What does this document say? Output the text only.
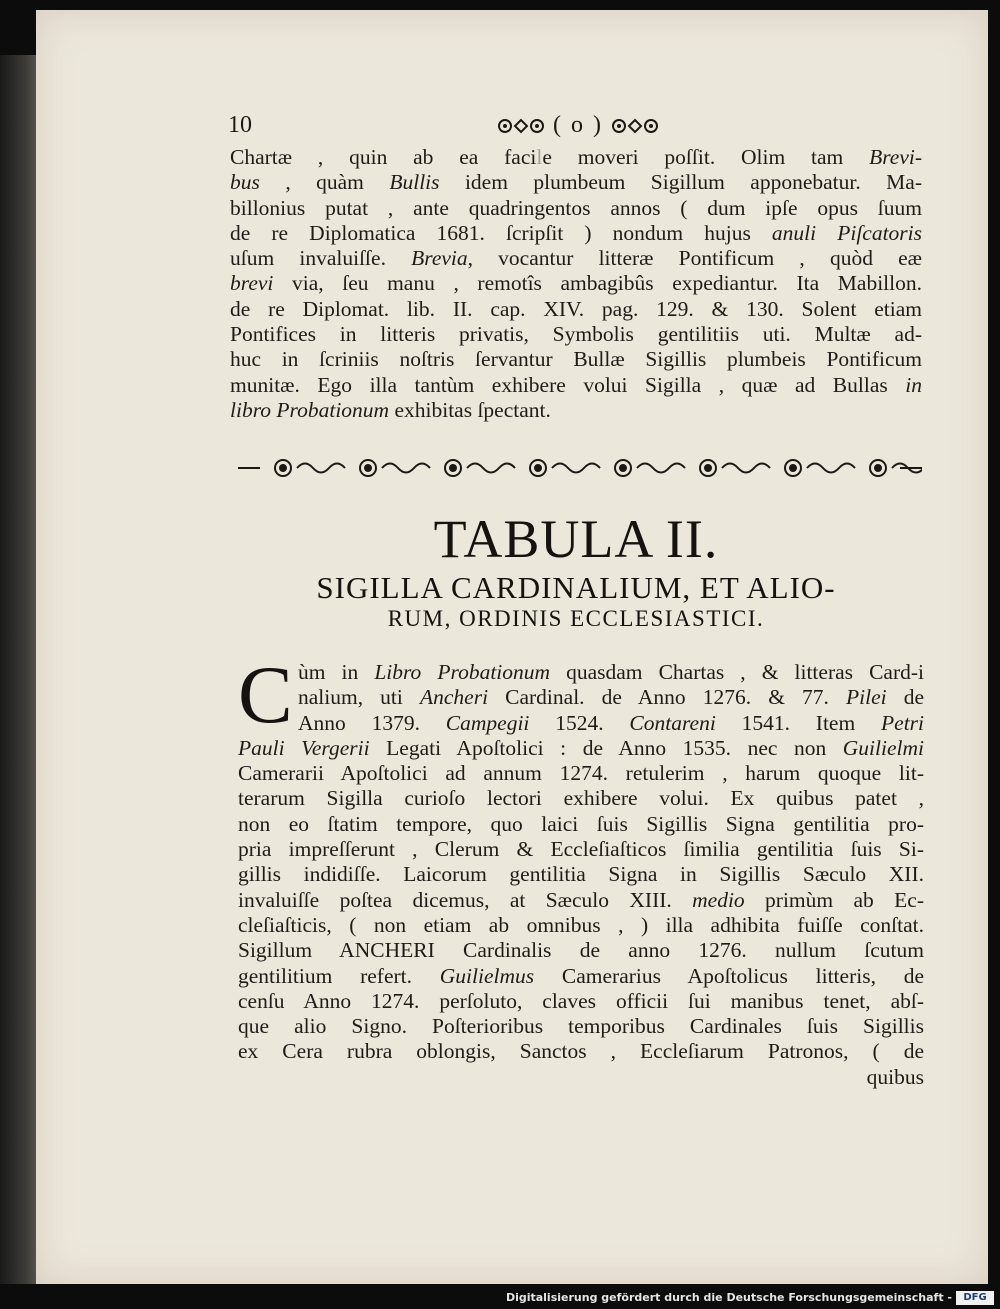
10	( o )
Chartæ , quin ab ea facile moveri poſſit. Olim tam Brevi-
bus , quàm Bullis idem plumbeum Sigillum apponebatur. Ma-
billonius putat , ante quadringentos annos ( dum ipſe opus ſuum
de re Diplomatica 1681. ſcripſit ) nondum hujus anuli Piſcatoris
uſum invaluiſſe. Brevia, vocantur litteræ Pontificum , quòd eæ
brevi via, ſeu manu , remotîs ambagibûs expediantur. Ita Mabillon.
de re Diplomat. lib. II. cap. XIV. pag. 129. & 130. Solent etiam
Pontifices in litteris privatis, Symbolis gentilitiis uti. Multæ ad-
huc in ſcriniis noſtris ſervantur Bullæ Sigillis plumbeis Pontificum
munitæ. Ego illa tantùm exhibere volui Sigilla , quæ ad Bullas in
libro Probationum exhibitas ſpectant.
TABULA II.
SIGILLA CARDINALIUM, ET ALIO-
RUM, ORDINIS ECCLESIASTICI.
C ùm in Libro Probationum quasdam Chartas , & litteras Card-i
nalium, uti Ancheri Cardinal. de Anno 1276. & 77. Pilei de
Anno 1379. Campegii 1524. Contareni 1541. Item Petri
Pauli Vergerii Legati Apoſtolici : de Anno 1535. nec non Guilielmi
Camerarii Apoſtolici ad annum 1274. retulerim , harum quoque lit-
terarum Sigilla curioſo lectori exhibere volui. Ex quibus patet ,
non eo ſtatim tempore, quo laici ſuis Sigillis Signa gentilitia pro-
pria impreſſerunt , Clerum & Eccleſiaſticos ſimilia gentilitia ſuis Si-
gillis indidiſſe. Laicorum gentilitia Signa in Sigillis Sæculo XII.
invaluiſſe poſtea dicemus, at Sæculo XIII. medio primùm ab Ec-
cleſiaſticis, ( non etiam ab omnibus , ) illa adhibita fuiſſe conſtat.
Sigillum ANCHERI Cardinalis de anno 1276. nullum ſcutum
gentilitium refert. Guilielmus Camerarius Apoſtolicus litteris, de
cenſu Anno 1274. perſoluto, claves officii ſui manibus tenet, abſ-
que alio Signo. Poſterioribus temporibus Cardinales ſuis Sigillis
ex Cera rubra oblongis, Sanctos , Eccleſiarum Patronos, ( de
quibus
Digitalisierung gefördert durch die Deutsche Forschungsgemeinschaft -	DFG
